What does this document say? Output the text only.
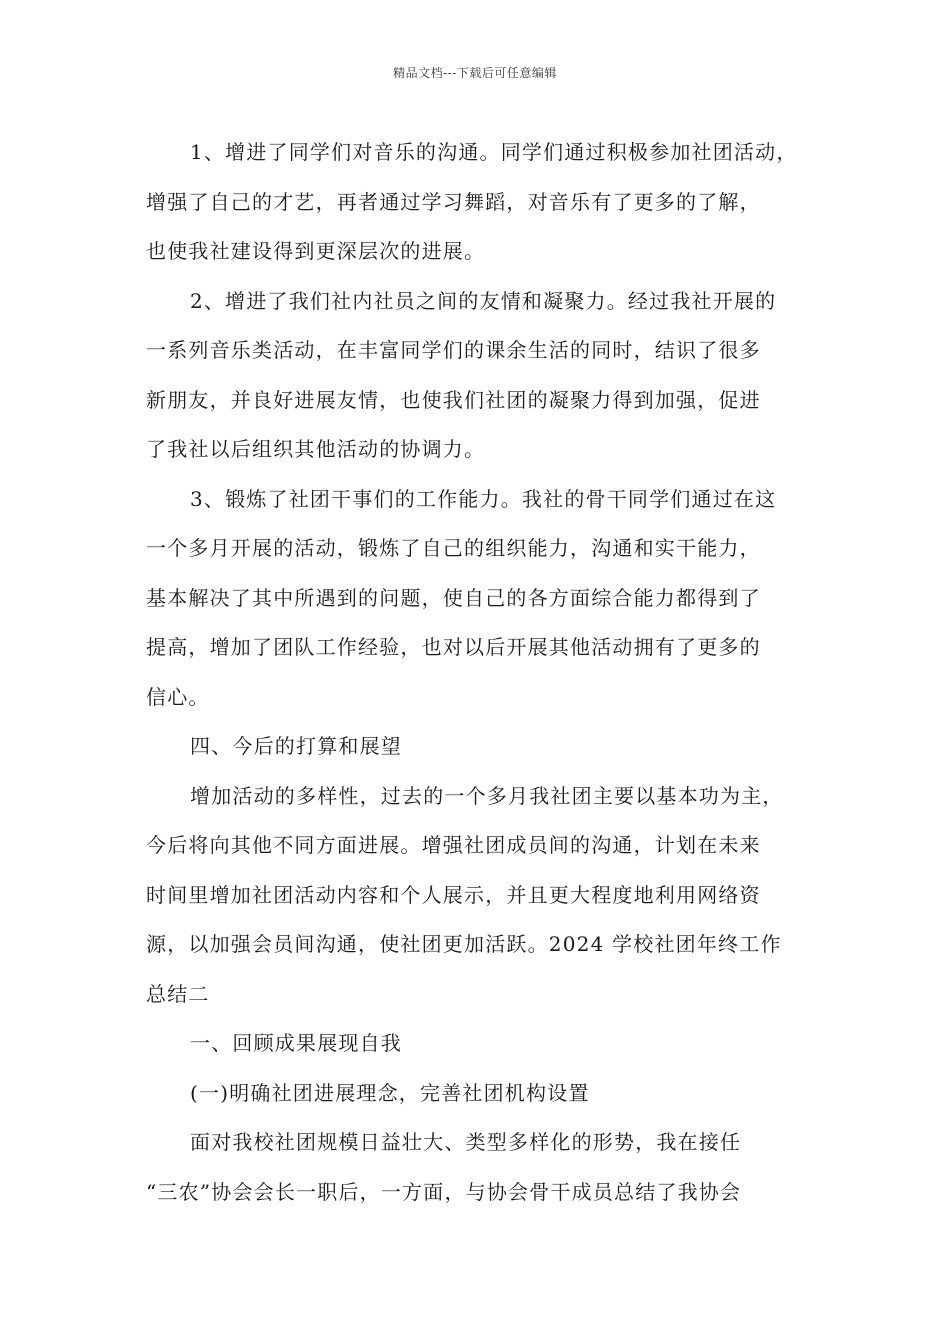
精品文档---下载后可任意编辑

1、增进了同学们对音乐的沟通。同学们通过积极参加社团活动，
增强了自己的才艺，再者通过学习舞蹈，对音乐有了更多的了解，
也使我社建设得到更深层次的进展。

2、增进了我们社内社员之间的友情和凝聚力。经过我社开展的
一系列音乐类活动，在丰富同学们的课余生活的同时，结识了很多
新朋友，并良好进展友情，也使我们社团的凝聚力得到加强，促进
了我社以后组织其他活动的协调力。

3、锻炼了社团干事们的工作能力。我社的骨干同学们通过在这
一个多月开展的活动，锻炼了自己的组织能力，沟通和实干能力，
基本解决了其中所遇到的问题，使自己的各方面综合能力都得到了
提高，增加了团队工作经验，也对以后开展其他活动拥有了更多的
信心。

四、今后的打算和展望

增加活动的多样性，过去的一个多月我社团主要以基本功为主，
今后将向其他不同方面进展。增强社团成员间的沟通，计划在未来
时间里增加社团活动内容和个人展示，并且更大程度地利用网络资
源，以加强会员间沟通，使社团更加活跃。2024 学校社团年终工作
总结二

一、回顾成果展现自我

(一)明确社团进展理念，完善社团机构设置

面对我校社团规模日益壮大、类型多样化的形势，我在接任
“三农”协会会长一职后，一方面，与协会骨干成员总结了我协会
